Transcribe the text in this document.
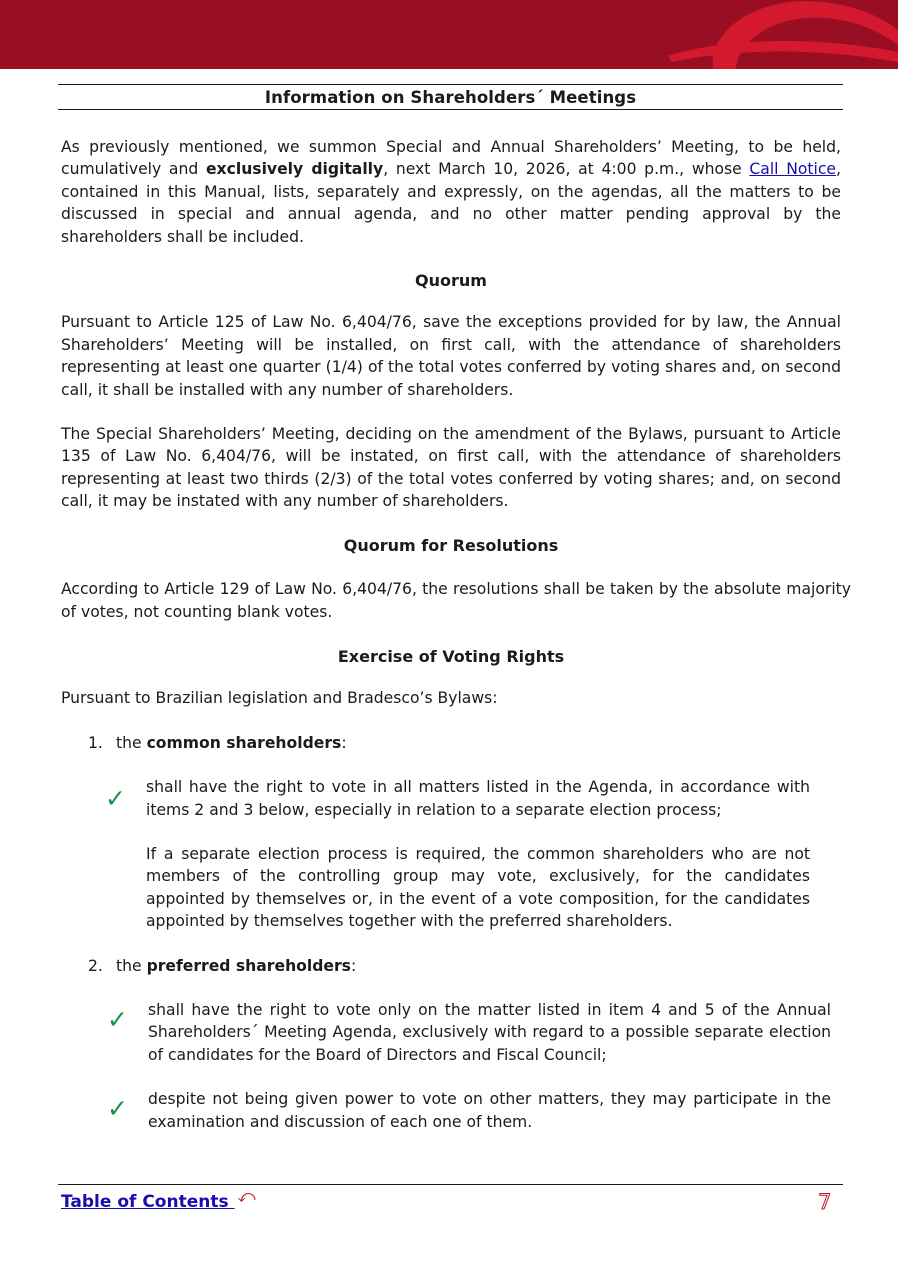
Information on Shareholders´ Meetings

As previously mentioned, we summon Special and Annual Shareholders’ Meeting, to be held, cumulatively and exclusively digitally, next March 10, 2026, at 4:00 p.m., whose Call Notice, contained in this Manual, lists, separately and expressly, on the agendas, all the matters to be discussed in special and annual agenda, and no other matter pending approval by the shareholders shall be included.

Quorum

Pursuant to Article 125 of Law No. 6,404/76, save the exceptions provided for by law, the Annual Shareholders’ Meeting will be installed, on first call, with the attendance of shareholders representing at least one quarter (1/4) of the total votes conferred by voting shares and, on second call, it shall be installed with any number of shareholders.

The Special Shareholders’ Meeting, deciding on the amendment of the Bylaws, pursuant to Article 135 of Law No. 6,404/76, will be instated, on first call, with the attendance of shareholders representing at least two thirds (2/3) of the total votes conferred by voting shares; and, on second call, it may be instated with any number of shareholders.

Quorum for Resolutions

According to Article 129 of Law No. 6,404/76, the resolutions shall be taken by the absolute majority of votes, not counting blank votes.

Exercise of Voting Rights

Pursuant to Brazilian legislation and Bradesco’s Bylaws:

1. the common shareholders:
✓ shall have the right to vote in all matters listed in the Agenda, in accordance with items 2 and 3 below, especially in relation to a separate election process;
If a separate election process is required, the common shareholders who are not members of the controlling group may vote, exclusively, for the candidates appointed by themselves or, in the event of a vote composition, for the candidates appointed by themselves together with the preferred shareholders.
2. the preferred shareholders:
✓ shall have the right to vote only on the matter listed in item 4 and 5 of the Annual Shareholders´ Meeting Agenda, exclusively with regard to a possible separate election of candidates for the Board of Directors and Fiscal Council;
✓ despite not being given power to vote on other matters, they may participate in the examination and discussion of each one of them.
Table of Contents ⤺	7
